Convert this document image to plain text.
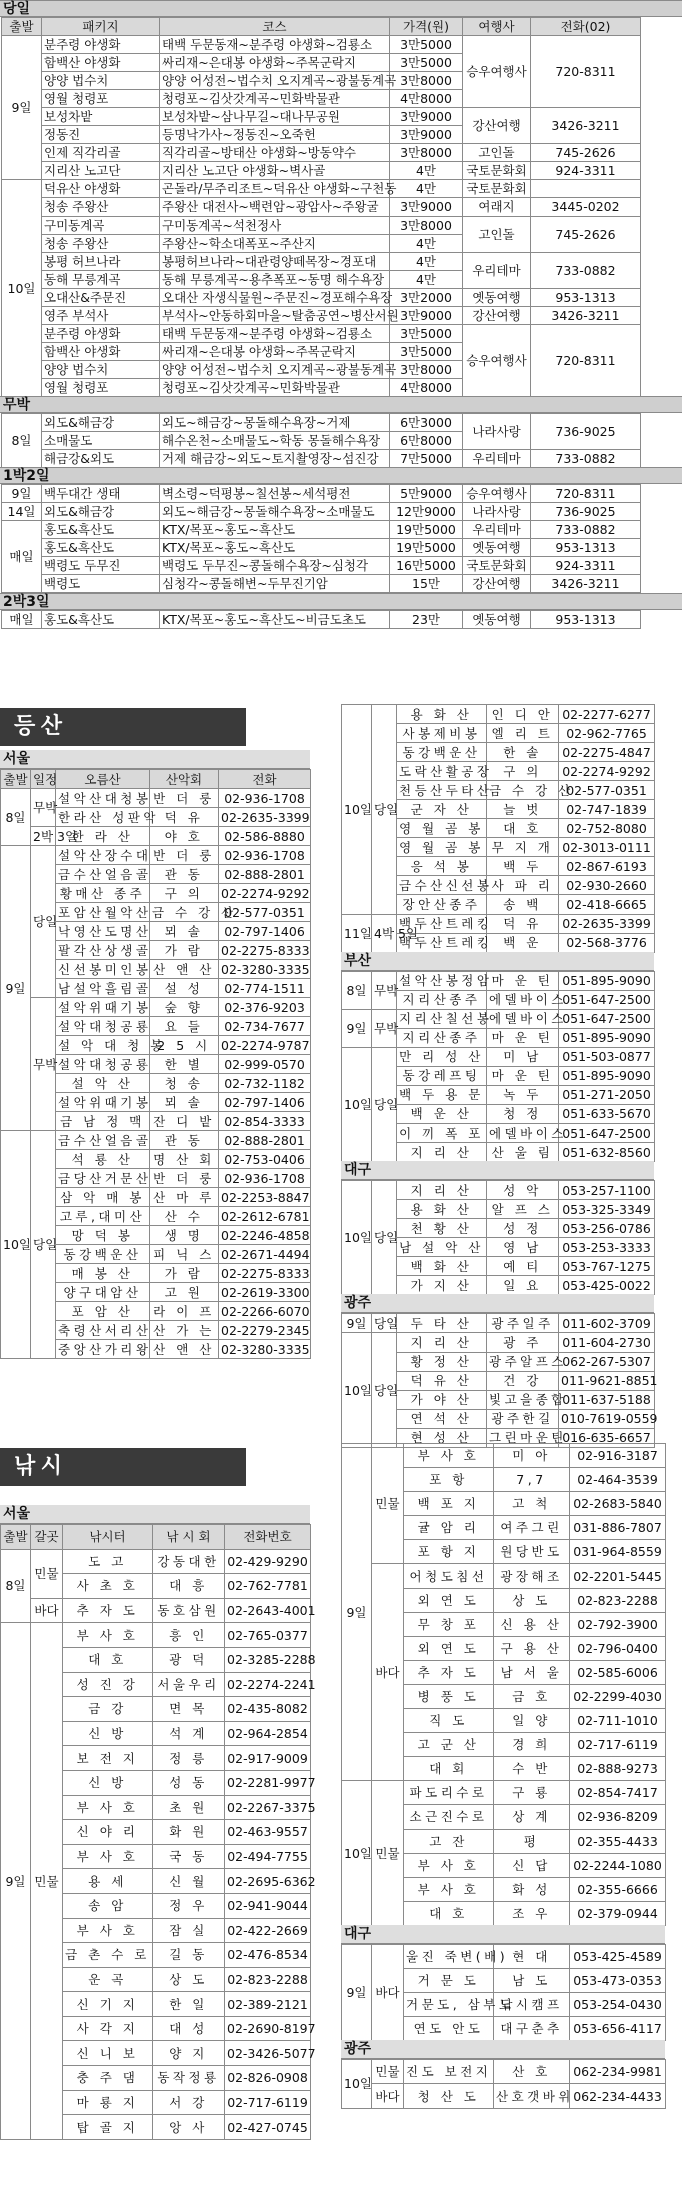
당일
출발	패키지	코스	가격(원)	여행사	전화(02)
9일	분주령 야생화	태백 두문동재~분주령 야생화~검룡소	3만5000	승우여행사	720-8311
	함백산 야생화	싸리재~은대봉 야생화~주목군락지	3만5000		
	양양 법수치	양양 어성전~법수치 오지계곡~광불동계곡	3만8000		
	영월 청령포	청령포~김삿갓계곡~민화박물관	4만8000		
	보성차밭	보성차밭~삼나무길~대나무공원	3만9000	강산여행	3426-3211
	정동진	등명낙가사~정동진~오죽헌	3만9000		
	인제 직각리골	직각리골~방태산 야생화~방동약수	3만8000	고인돌	745-2626
	지리산 노고단	지리산 노고단 야생화~벽사골	4만	국토문화회	924-3311
10일	덕유산 야생화	곤돌라/무주리조트~덕유산 야생화~구천동	4만	국토문화회	
	청송 주왕산	주왕산 대전사~백련암~광암사~주왕굴	3만9000	여래지	3445-0202
	구미동계곡	구미동계곡~석천정사	3만8000	고인돌	745-2626
	청송 주왕산	주왕산~학소대폭포~주산지	4만		
	봉평 허브나라	봉평허브나라~대관령양떼목장~경포대	4만	우리테마	733-0882
	동해 무릉계곡	동해 무릉계곡~용추폭포~동명 해수욕장	4만		
	오대산&주문진	오대산 자생식물원~주문진~경포해수욕장	3만2000	옛동여행	953-1313
	영주 부석사	부석사~안동하회마을~탈춤공연~병산서원	3만9000	강산여행	3426-3211
	분주령 야생화	태백 두문동재~분주령 야생화~검룡소	3만5000	승우여행사	720-8311
	함백산 야생화	싸리재~은대봉 야생화~주목군락지	3만5000		
	양양 법수치	양양 어성전~법수치 오지계곡~광불동계곡	3만8000		
	영월 청령포	청령포~김삿갓계곡~민화박물관	4만8000		
무박
8일	외도&해금강	외도~해금강~몽돌해수욕장~거제	6만3000	나라사랑	736-9025
	소매물도	해수온천~소매물도~학동 몽돌해수욕장	6만8000		
	해금강&외도	거제 해금강~외도~토지촬영장~섬진강	7만5000	우리테마	733-0882
1박2일
9일	백두대간 생태	벽소령~덕평봉~칠선봉~세석평전	5만9000	승우여행사	720-8311
14일	외도&해금강	외도~해금강~몽돌해수욕장~소매물도	12만9000	나라사랑	736-9025
매일	홍도&흑산도	KTX/목포~홍도~흑산도	19만5000	우리테마	733-0882
	홍도&흑산도	KTX/목포~홍도~흑산도	19만5000	옛동여행	953-1313
	백령도 두무진	백령도 두무진~콩돌해수욕장~심청각	16만5000	국토문화회	924-3311
	백령도	심청각~콩돌해변~두무진기암	15만	강산여행	3426-3211
2박3일
매일	홍도&흑산도	KTX/목포~홍도~흑산도~비금도초도	23만	옛동여행	953-1313
등산
서울
출발	일정	오름산	산악회	전화
8일	무박	설악산대청봉	반 더 룽	02-936-1708
		한라산 성판악	덕 유	02-2635-3399
	2박 3일	한 라 산	야 호	02-586-8880
9일	당일	설악산장수대	반 더 룽	02-936-1708
		금수산얼음골	관 동	02-888-2801
		황매산 종주	구 의	02-2274-9292
		포암산월악산	금 수 강 산	02-577-0351
		낙영산도명산	뫼 솔	02-797-1406
		팔각산상생골	가 람	02-2275-8333
		신선봉미인봉	산 앤 산	02-3280-3335
		남설악흘림골	설 성	02-774-1511
	무박	설악위때기봉	숲 향	02-376-9203
		설악대청공룡	요 들	02-734-7677
		설 악 대 청 봉	2 5 시	02-2274-9787
		설악대청공룡	한 별	02-999-0570
		설 악 산	청 송	02-732-1182
		설악위때기봉	뫼 솔	02-797-1406
		금 남 정 맥	잔 디 밭	02-854-3333
10일	당일	금수산얼음골	관 동	02-888-2801
		석 룡 산	명 산 회	02-753-0406
		금당산거문산	반 더 룽	02-936-1708
		삼 악 매 봉	산 마 루	02-2253-8847
		고루,대미산	산 수	02-2612-6781
		망 덕 봉	생 명	02-2246-4858
		동강백운산	피 닉 스	02-2671-4494
		매 봉 산	가 람	02-2275-8333
		양구대암산	고 원	02-2619-3300
		포 암 산	라 이 프	02-2266-6070
		축령산서리산	산 가 는	02-2279-2345
		중앙산가리왕	산 앤 산	02-3280-3335
10일	당일	용 화 산	인 디 안	02-2277-6277
		사봉제비봉	엘 리 트	02-962-7765
		동강백운산	한 솔	02-2275-4847
		도락산활공장	구 의	02-2274-9292
		천등산두타산	금 수 강 산	02-577-0351
		군 자 산	늘 벗	02-747-1839
		영 월 곰 봉	대 호	02-752-8080
		영 월 곰 봉	무 지 개	02-3013-0111
		응 석 봉	백 두	02-867-6193
		금수산신선봉	사 파 리	02-930-2660
		장안산종주	송 백	02-418-6665
11일	4박 5일	백두산트레킹	덕 유	02-2635-3399
		백두산트레킹	백 운	02-568-3776
부산
8일	무박	설악산봉정암	마 운 틴	051-895-9090
		지리산종주	에델바이스	051-647-2500
9일	무박	지리산칠선봉	에델바이스	051-647-2500
		지리산종주	마 운 틴	051-895-9090
10일	당일	만 리 성 산	미 남	051-503-0877
		동강레프팅	마 운 틴	051-895-9090
		백 두 용 문	녹 두	051-271-2050
		백 운 산	청 정	051-633-5670
		이 끼 폭 포	에델바이스	051-647-2500
		지 리 산	산 울 림	051-632-8560
대구
10일	당일	지 리 산	성 악	053-257-1100
		용 화 산	알 프 스	053-325-3349
		천 황 산	성 정	053-256-0786
		남 설 악 산	영 남	053-253-3333
		백 화 산	예 티	053-767-1275
		가 지 산	일 요	053-425-0022
광주
9일	당일	두 타 산	광주일주	011-602-3709
10일	당일	지 리 산	광 주	011-604-2730
		황 정 산	광주알프스	062-267-5307
		덕 유 산	건 강	011-9621-8851
		가 야 산	빛고을종합	011-637-5188
		연 석 산	광주한길	010-7619-0559
		현 성 산	그린마운틴	016-635-6657
낚시
서울
출발	갈곳	낚시터	낚 시 회	전화번호
8일	민물	도 고	강동대한	02-429-9290
		사 초 호	대 흥	02-762-7781
	바다	추 자 도	동호삼원	02-2643-4001
9일	민물	부 사 호	흥 인	02-765-0377
		대 호	광 덕	02-3285-2288
		성 진 강	서울우리	02-2274-2241
		금 강	면 목	02-435-8082
		신 방	석 계	02-964-2854
		보 전 지	정 릉	02-917-9009
		신 방	성 동	02-2281-9977
		부 사 호	초 원	02-2267-3375
		신 야 리	화 원	02-463-9557
		부 사 호	국 동	02-494-7755
		용 세	신 월	02-2695-6362
		송 암	정 우	02-941-9044
		부 사 호	잠 실	02-422-2669
		금 촌 수 로	길 동	02-476-8534
		운 곡	상 도	02-823-2288
		신 기 지	한 일	02-389-2121
		사 각 지	대 성	02-2690-8197
		신 니 보	양 지	02-3426-5077
		충 주 댐	동작정룡	02-826-0908
		마 룡 지	서 강	02-717-6119
		탑 골 지	앙 사	02-427-0745
9일	민물	부 사 호	미 아	02-916-3187
		포 항	7,7	02-464-3539
		백 포 지	고 척	02-2683-5840
		귤 암 리	여주그린	031-886-7807
		포 항 지	원당반도	031-964-8559
	바다	어청도침선	광장해조	02-2201-5445
		외 연 도	상 도	02-823-2288
		무 창 포	신 용 산	02-792-3900
		외 연 도	구 용 산	02-796-0400
		추 자 도	남 서 울	02-585-6006
		병 풍 도	금 호	02-2299-4030
		직 도	일 양	02-711-1010
		고 군 산	경 희	02-717-6119
		대 회	수 반	02-888-9273
10일	민물	파도리수로	구 룡	02-854-7417
		소근진수로	상 계	02-936-8209
		고 잔	평	02-355-4433
		부 사 호	신 답	02-2244-1080
		부 사 호	화 성	02-355-6666
		대 호	조 우	02-379-0944
대구
9일	바다	울진 죽변(배)	현 대	053-425-4589
		거 문 도	남 도	053-473-0353
		거문도, 삼부도	낚시캠프	053-254-0430
		연도 안도	대구춘추	053-656-4117
광주
10일	민물	진도 보전지	산 호	062-234-9981
	바다	청 산 도	산호갯바위	062-234-4433
